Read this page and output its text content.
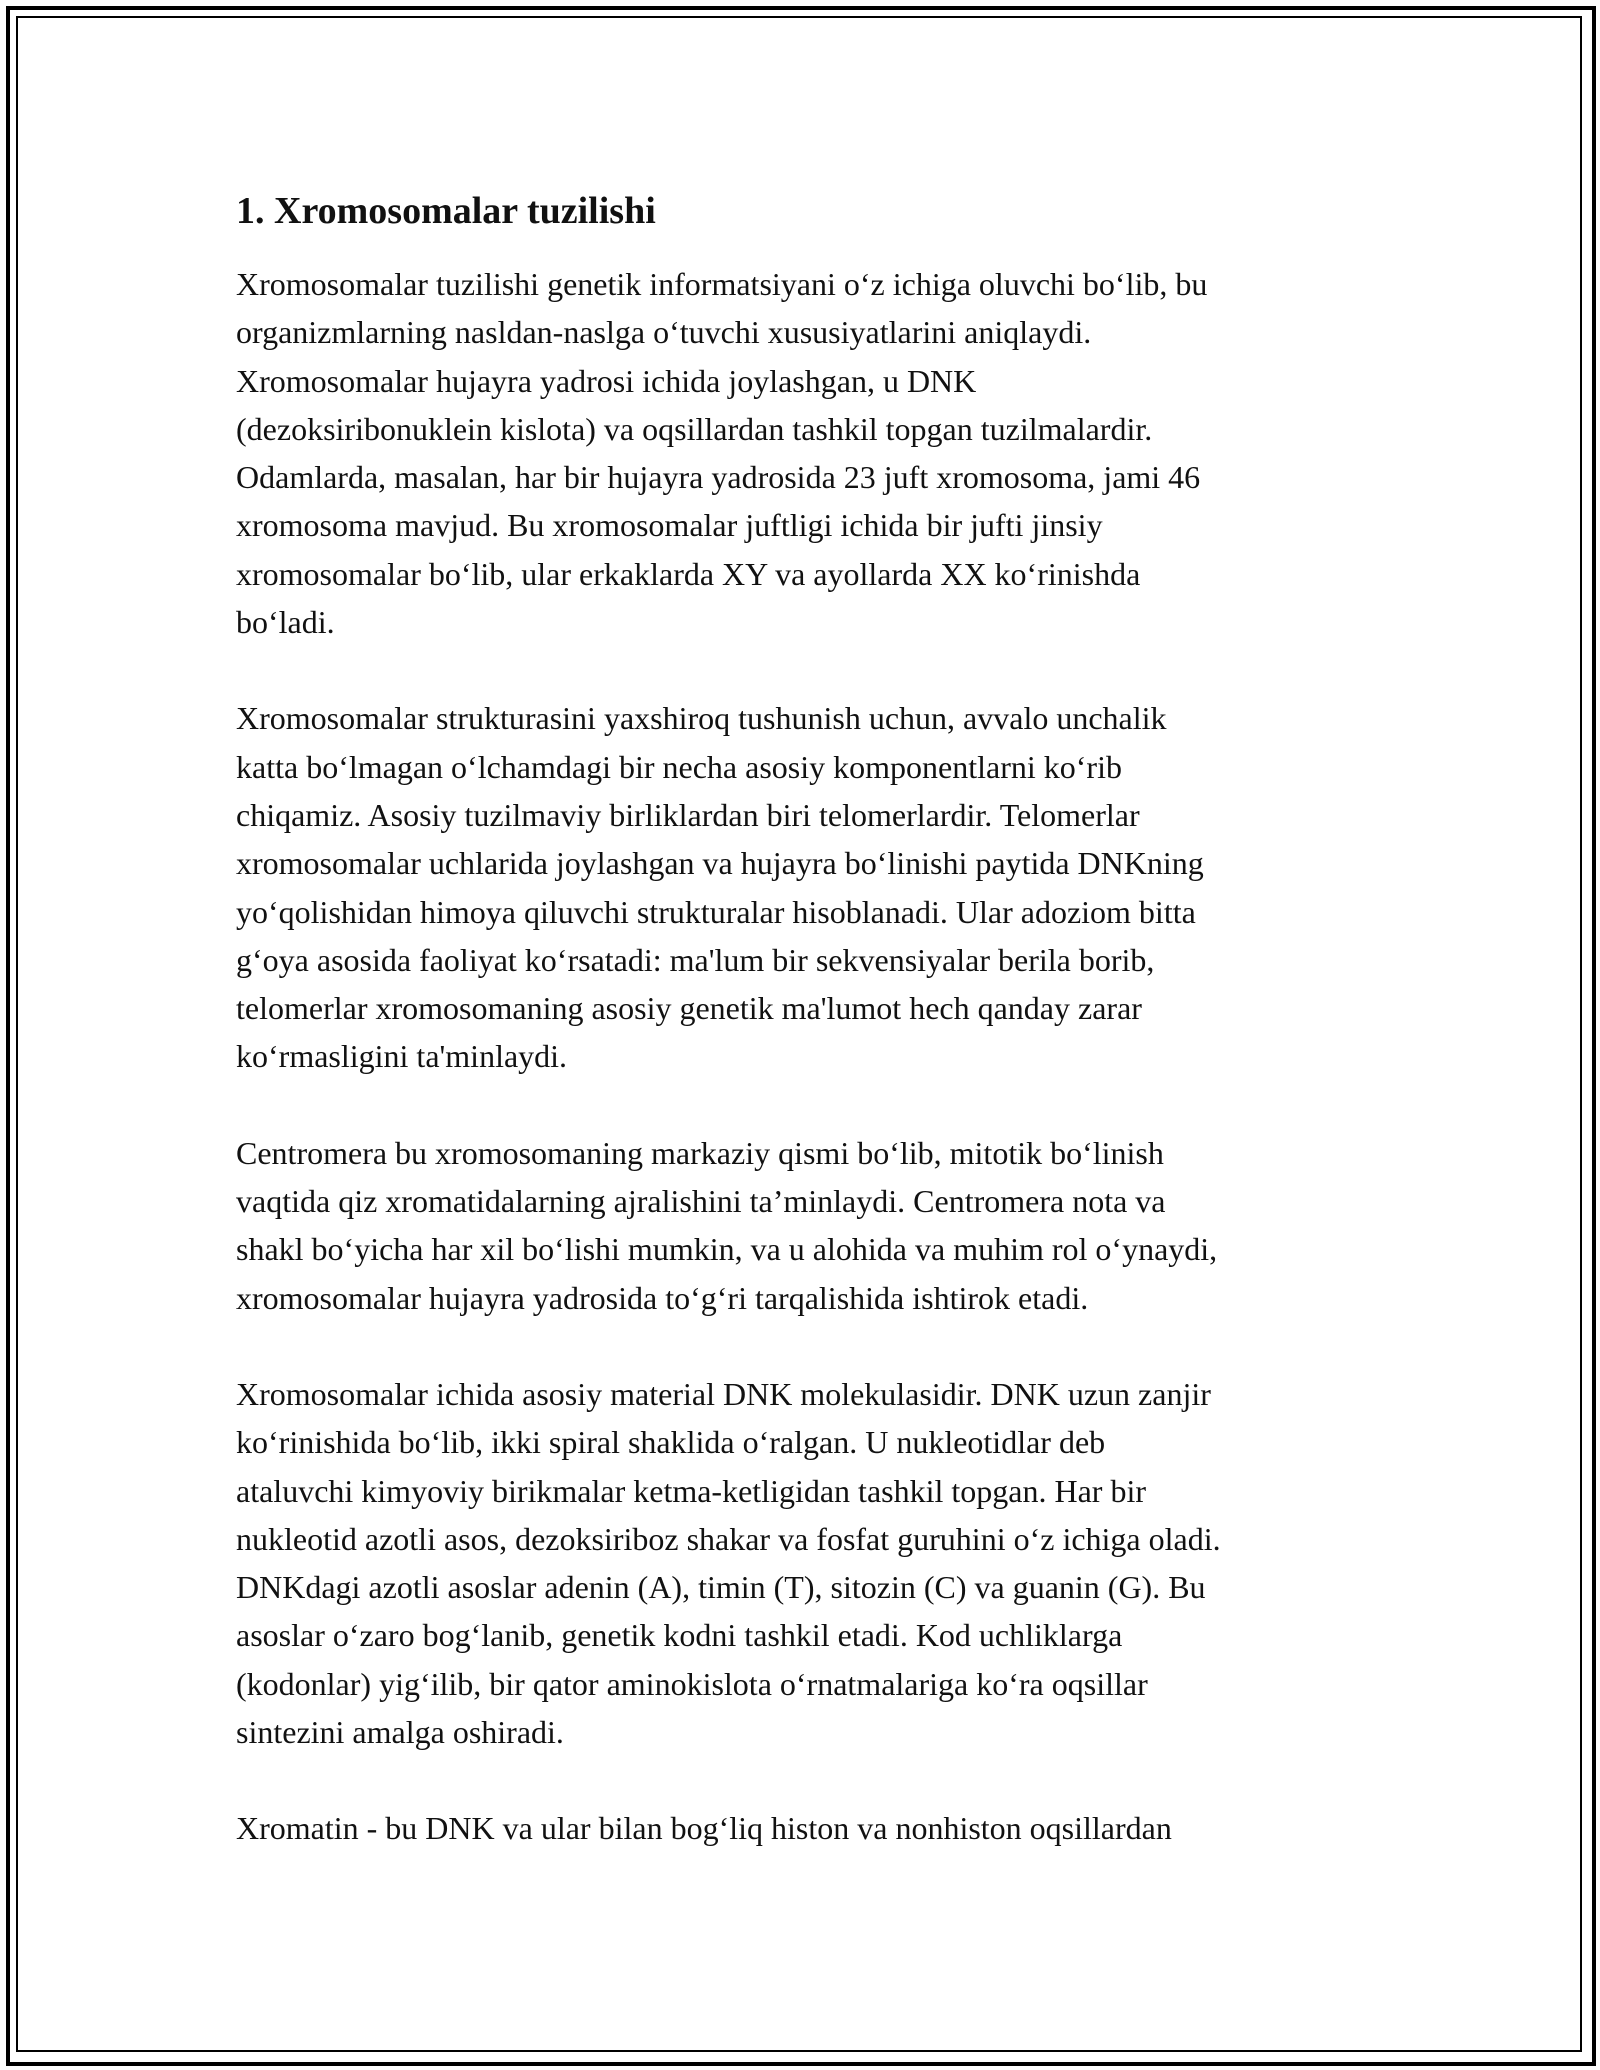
1. Xromosomalar tuzilishi

Xromosomalar tuzilishi genetik informatsiyani o‘z ichiga oluvchi bo‘lib, bu
organizmlarning nasldan-naslga o‘tuvchi xususiyatlarini aniqlaydi.
Xromosomalar hujayra yadrosi ichida joylashgan, u DNK
(dezoksiribonuklein kislota) va oqsillardan tashkil topgan tuzilmalardir.
Odamlarda, masalan, har bir hujayra yadrosida 23 juft xromosoma, jami 46
xromosoma mavjud. Bu xromosomalar juftligi ichida bir jufti jinsiy
xromosomalar bo‘lib, ular erkaklarda XY va ayollarda XX ko‘rinishda
bo‘ladi.

Xromosomalar strukturasini yaxshiroq tushunish uchun, avvalo unchalik
katta bo‘lmagan o‘lchamdagi bir necha asosiy komponentlarni ko‘rib
chiqamiz. Asosiy tuzilmaviy birliklardan biri telomerlardir. Telomerlar
xromosomalar uchlarida joylashgan va hujayra bo‘linishi paytida DNKning
yo‘qolishidan himoya qiluvchi strukturalar hisoblanadi. Ular adoziom bitta
g‘oya asosida faoliyat ko‘rsatadi: ma'lum bir sekvensiyalar berila borib,
telomerlar xromosomaning asosiy genetik ma'lumot hech qanday zarar
ko‘rmasligini ta'minlaydi.

Centromera bu xromosomaning markaziy qismi bo‘lib, mitotik bo‘linish
vaqtida qiz xromatidalarning ajralishini ta’minlaydi. Centromera nota va
shakl bo‘yicha har xil bo‘lishi mumkin, va u alohida va muhim rol o‘ynaydi,
xromosomalar hujayra yadrosida to‘g‘ri tarqalishida ishtirok etadi.

Xromosomalar ichida asosiy material DNK molekulasidir. DNK uzun zanjir
ko‘rinishida bo‘lib, ikki spiral shaklida o‘ralgan. U nukleotidlar deb
ataluvchi kimyoviy birikmalar ketma-ketligidan tashkil topgan. Har bir
nukleotid azotli asos, dezoksiriboz shakar va fosfat guruhini o‘z ichiga oladi.
DNKdagi azotli asoslar adenin (A), timin (T), sitozin (C) va guanin (G). Bu
asoslar o‘zaro bog‘lanib, genetik kodni tashkil etadi. Kod uchliklarga
(kodonlar) yig‘ilib, bir qator aminokislota o‘rnatmalariga ko‘ra oqsillar
sintezini amalga oshiradi.

Xromatin - bu DNK va ular bilan bog‘liq histon va nonhiston oqsillardan
